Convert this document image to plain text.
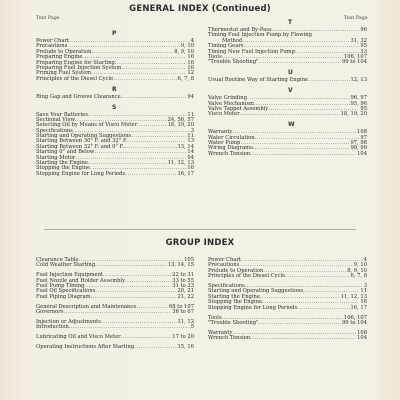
GENERAL INDEX (Continued)
Text Page	Text Page
P
Power Chart .....	4
Precautions .....	9, 10
Prelude to Operation .....	8, 9, 10
Preparing Engine .....	16
Preparing Engine for Starting .....	16
Preparing Fuel Injection System .....	16
Priming Fuel System .....	12
Principles of the Diesel Cycle .....	6, 7, 8
R
Ring Gap and Groove Clearance .....	94
S
Save Your Batteries .....	11
Sectional View .....	24, 56, 57
Selecting Oil by Means of Visco Meter .....	18, 19, 20
Specifications .....	3
Starting and Operating Suggestions .....	11
Starting Between 30° F. and 32° F. .....	13
Starting Between 32° F. and 0° F. .....	13, 14
Starting 0° and Below .....	14
Starting Motor .....	94
Starting the Engine .....	11, 12, 13
Stopping the Engine .....	16
Stopping Engine for Long Periods .....	16, 17
T
Thermostat and By-Pass .....	96
Timing Fuel Injection Pump by Flowing
Method .....	31, 32
Timing Gears .....	95
Timing New Fuel Injection Pump .....	33
Tools .....	106, 107
"Trouble Shooting" .....	99 to 104
U
Usual Routine Way of Starting Engine .....	12, 13
V
Valve Grinding .....	96, 97
Valve Mechanism .....	95, 96
Valve Tappet Assembly .....	95
Visco Meter .....	18, 19, 20
W
Warranty .....	108
Water Circulation .....	97
Water Pump .....	97, 98
Wiring Diagrams .....	98, 99
Wrench Tension .....	104
GROUP INDEX
Clearance Table .....	105
Cold Weather Starting .....	13, 14, 15
Fuel Injection Equipment .....	22 to 31
Fuel Nozzle and Holder Assembly .....	33 to 55
Fuel Pump Timing .....	31 to 33
Fuel Oil Specifications .....	20, 21
Fuel Piping Diagram .....	21, 22
General Description and Maintenance .....	68 to 107
Governors .....	36 to 67
Injection or Adjustments .....	11, 12
Introduction .....	5
Lubricating Oil and Visco Meter .....	17 to 20
Operating Instructions After Starting .....	15, 16
Power Chart .....	4
Precautions .....	9, 10
Prelude to Operation .....	8, 9, 10
Principles of the Diesel Cycle .....	6, 7, 8
Specifications .....	3
Starting and Operating Suggestions .....	11
Starting the Engine .....	11, 12, 13
Stopping the Engine .....	16
Stopping Engine for Long Periods .....	16, 17
Tools .....	106, 107
"Trouble Shooting" .....	99 to 104
Warranty .....	108
Wrench Tension .....	104
